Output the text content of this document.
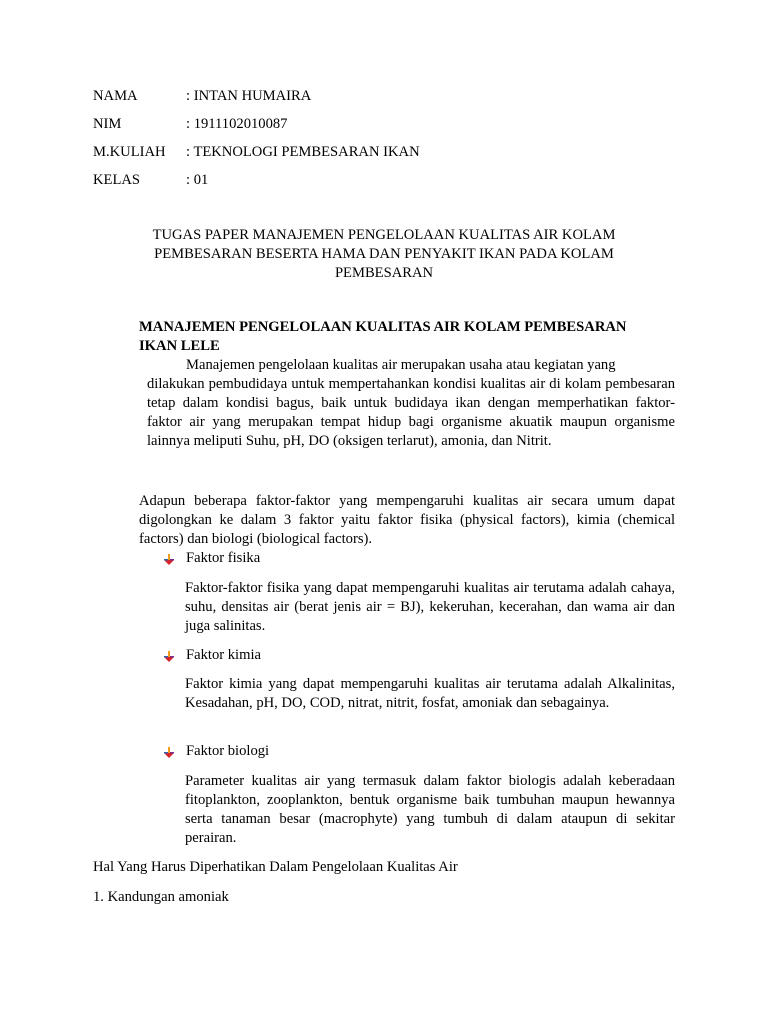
NAMA	: INTAN HUMAIRA
NIM	: 1911102010087
M.KULIAH : TEKNOLOGI PEMBESARAN IKAN
KELAS	: 01
TUGAS PAPER MANAJEMEN PENGELOLAAN KUALITAS AIR KOLAM
PEMBESARAN BESERTA HAMA DAN PENYAKIT IKAN PADA KOLAM
PEMBESARAN
MANAJEMEN PENGELOLAAN KUALITAS AIR KOLAM PEMBESARAN
IKAN LELE
Manajemen pengelolaan kualitas air merupakan usaha atau kegiatan yang
dilakukan pembudidaya untuk mempertahankan kondisi kualitas air di kolam pembesaran tetap dalam kondisi bagus, baik untuk budidaya ikan dengan memperhatikan faktor- faktor air yang merupakan tempat hidup bagi organisme akuatik maupun organisme lainnya meliputi Suhu, pH, DO (oksigen terlarut), amonia, dan Nitrit.
Adapun beberapa faktor-faktor yang mempengaruhi kualitas air secara umum dapat digolongkan ke dalam 3 faktor yaitu faktor fisika (physical factors), kimia (chemical factors) dan biologi (biological factors).
Faktor fisika
Faktor-faktor fisika yang dapat mempengaruhi kualitas air terutama adalah cahaya, suhu, densitas air (berat jenis air = BJ), kekeruhan, kecerahan, dan wama air dan juga salinitas.
Faktor kimia
Faktor kimia yang dapat mempengaruhi kualitas air terutama adalah Alkalinitas, Kesadahan, pH, DO, COD, nitrat, nitrit, fosfat, amoniak dan sebagainya.
Faktor biologi
Parameter kualitas air yang termasuk dalam faktor biologis adalah keberadaan fitoplankton, zooplankton, bentuk organisme baik tumbuhan maupun hewannya serta tanaman besar (macrophyte) yang tumbuh di dalam ataupun di sekitar perairan.
Hal Yang Harus Diperhatikan Dalam Pengelolaan Kualitas Air
1. Kandungan amoniak
